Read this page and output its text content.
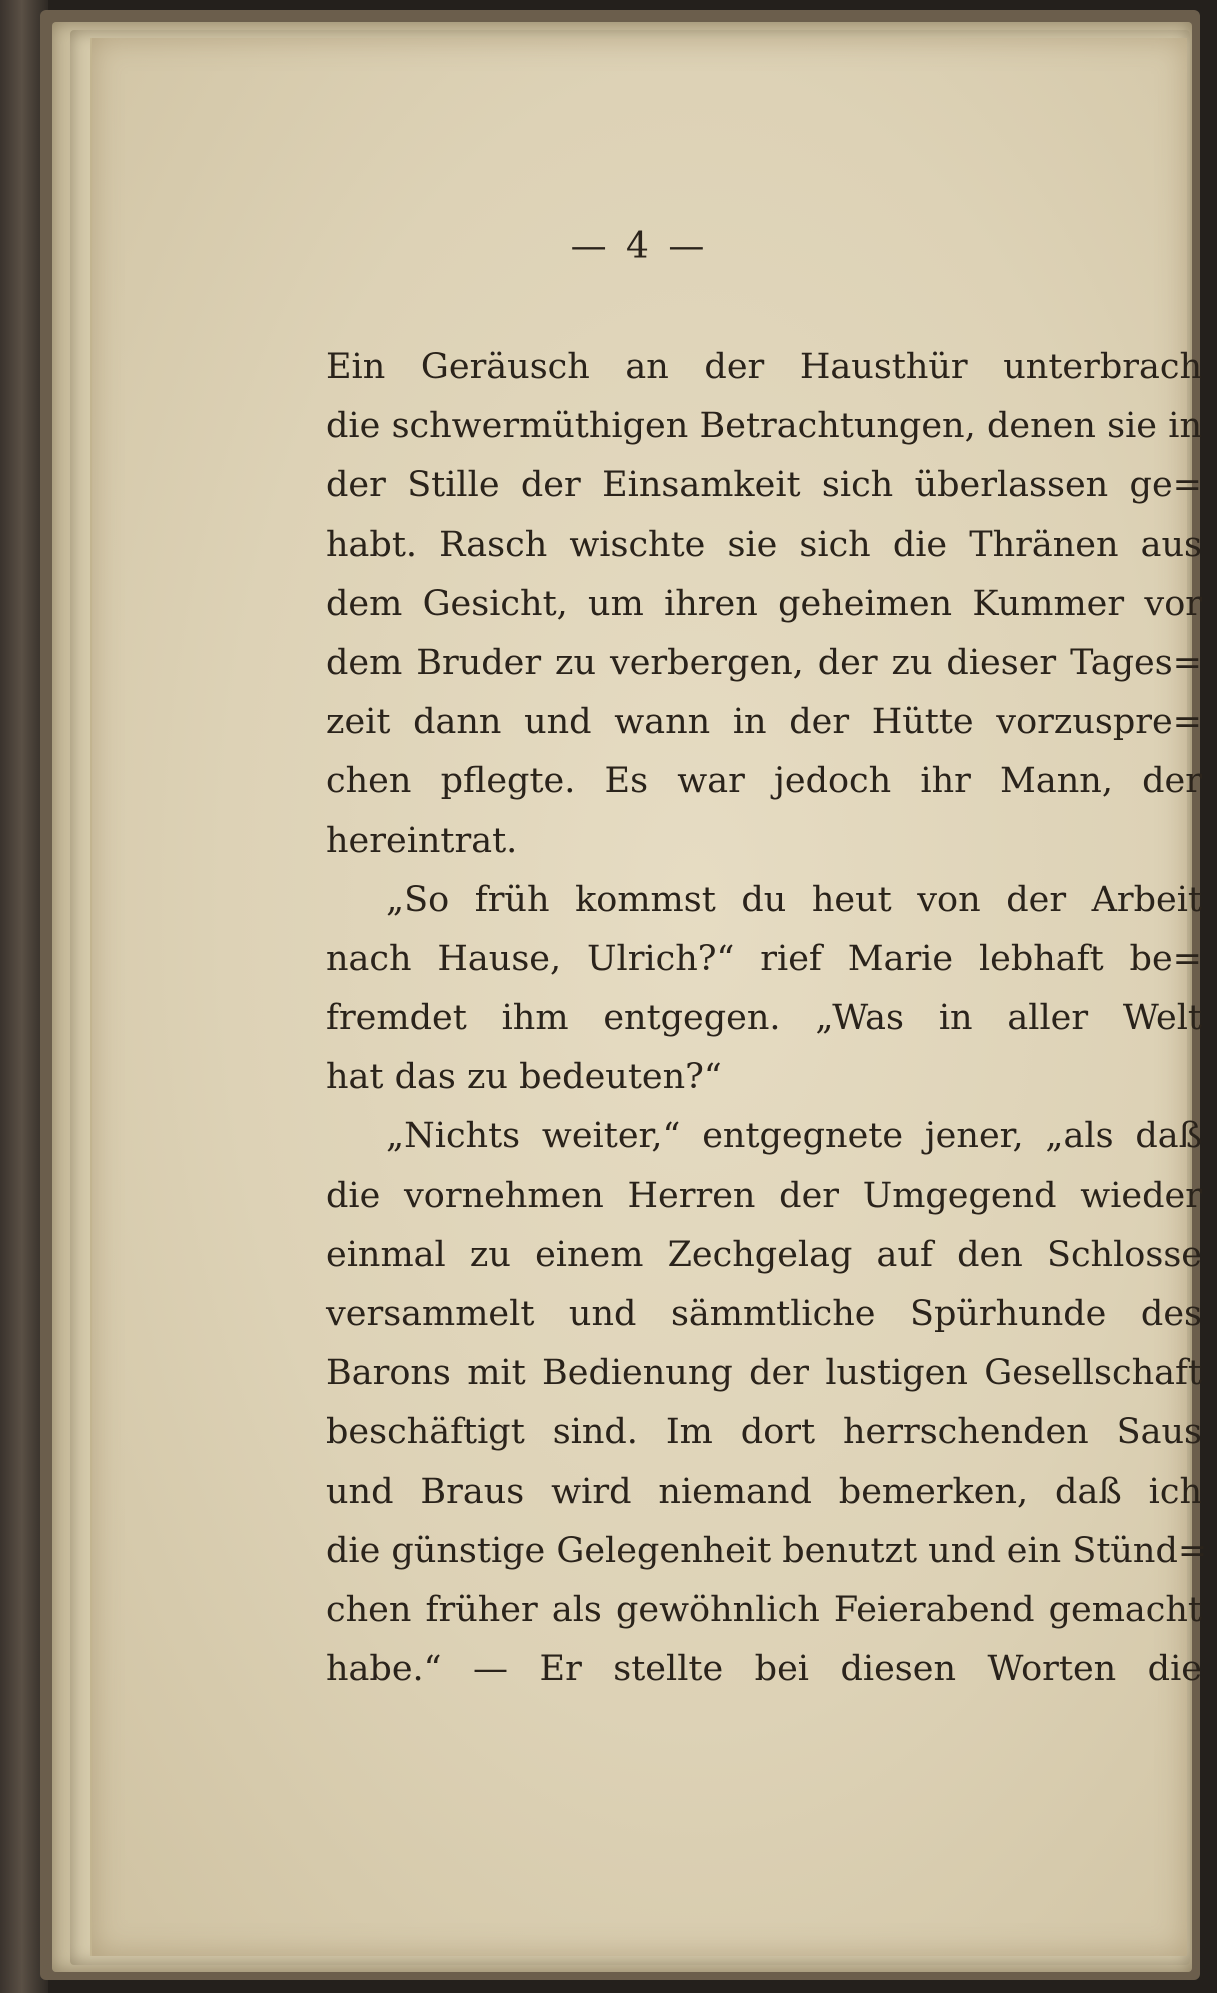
— 4 —
Ein Geräusch an der Hausthür unterbrach
die schwermüthigen Betrachtungen, denen sie in
der Stille der Einsamkeit sich überlassen ge=
habt. Rasch wischte sie sich die Thränen aus
dem Gesicht, um ihren geheimen Kummer vor
dem Bruder zu verbergen, der zu dieser Tages=
zeit dann und wann in der Hütte vorzuspre=
chen pflegte. Es war jedoch ihr Mann, der
hereintrat.
„So früh kommst du heut von der Arbeit
nach Hause, Ulrich?“ rief Marie lebhaft be=
fremdet ihm entgegen. „Was in aller Welt
hat das zu bedeuten?“
„Nichts weiter,“ entgegnete jener, „als daß
die vornehmen Herren der Umgegend wieder
einmal zu einem Zechgelag auf den Schlosse
versammelt und sämmtliche Spürhunde des
Barons mit Bedienung der lustigen Gesellschaft
beschäftigt sind. Im dort herrschenden Saus
und Braus wird niemand bemerken, daß ich
die günstige Gelegenheit benutzt und ein Stünd=
chen früher als gewöhnlich Feierabend gemacht
habe.“ — Er stellte bei diesen Worten die
